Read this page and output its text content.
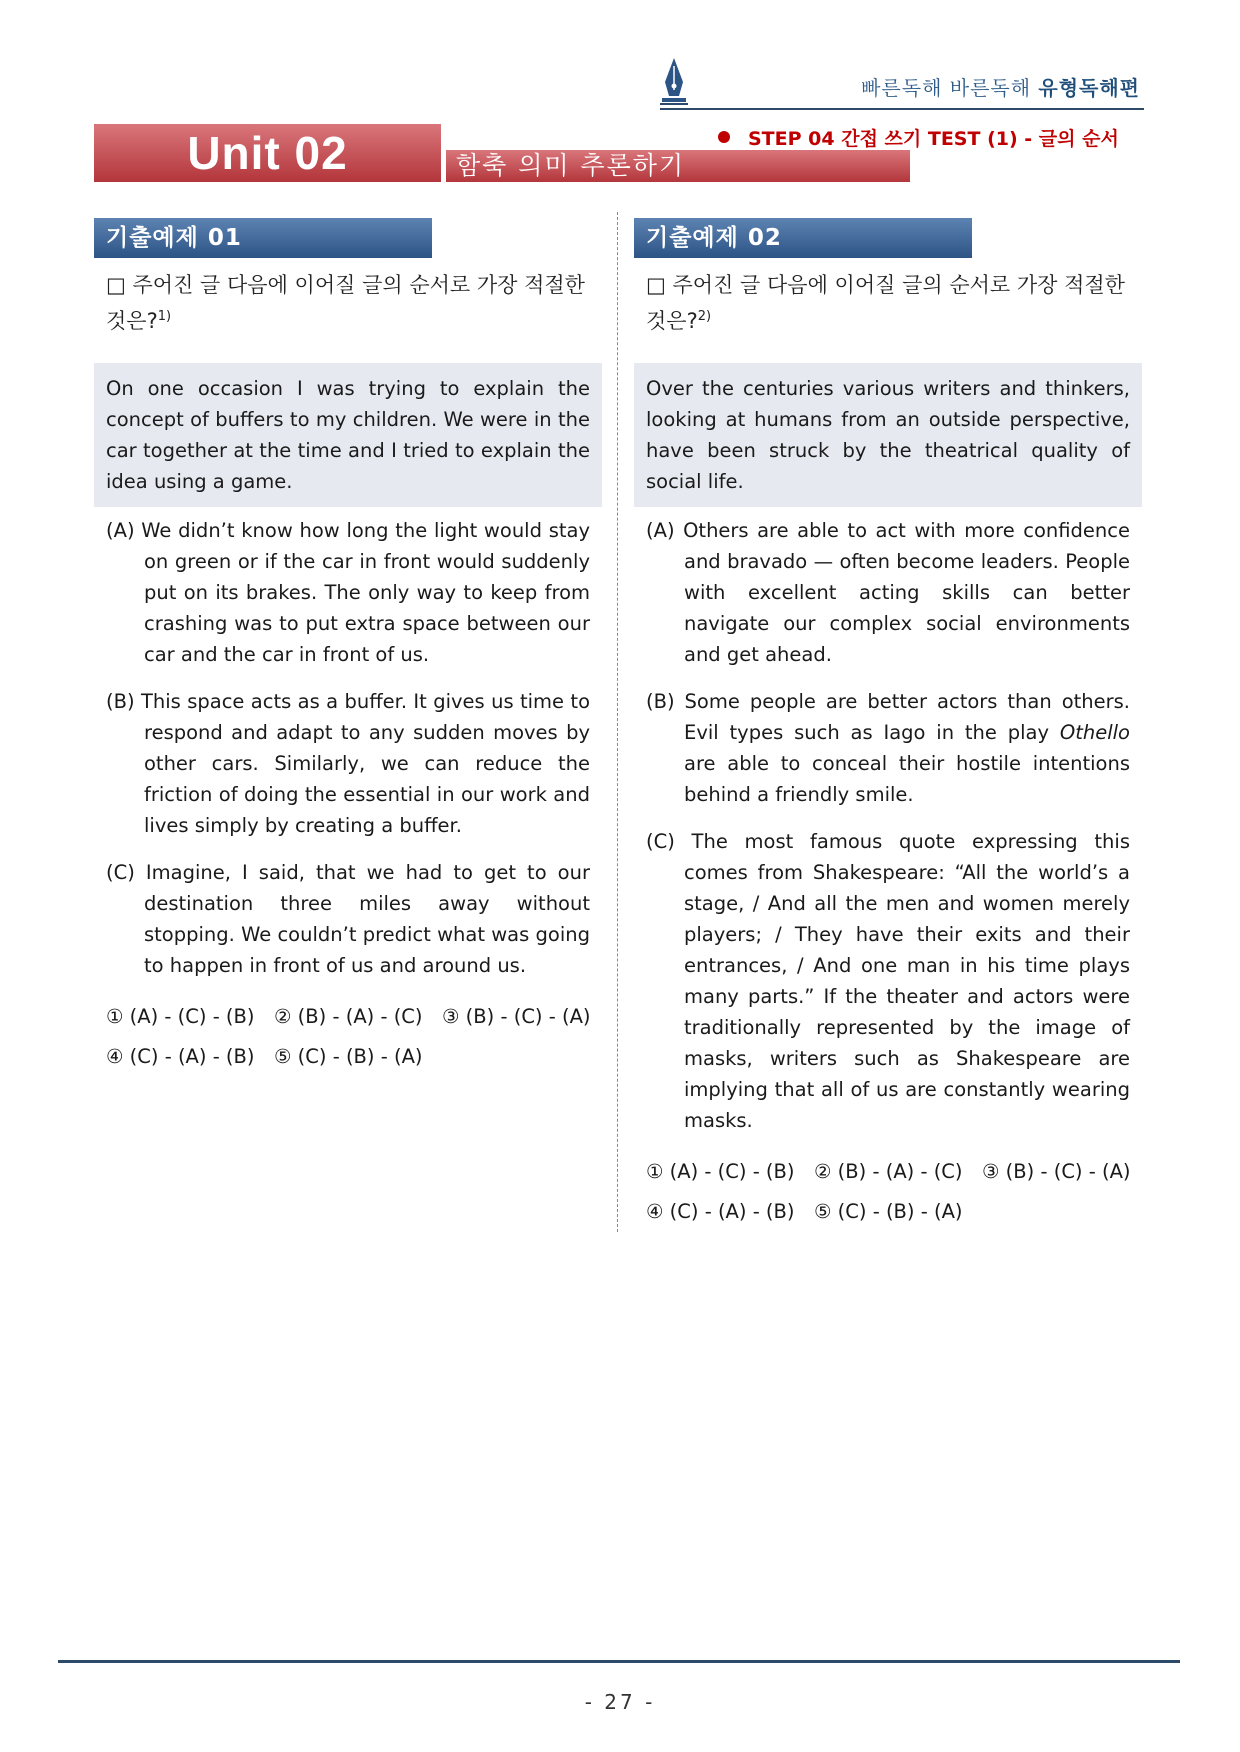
빠른독해 바른독해 유형독해편
Unit 02	함축 의미 추론하기
STEP 04 간접 쓰기 TEST (1) - 글의 순서
기출예제 01
□ 주어진 글 다음에 이어질 글의 순서로 가장 적절한 것은?$^{1)}$
On one occasion I was trying to explain the concept of buffers to my children. We were in the car together at the time and I tried to explain the idea using a game.
(A) We didn’t know how long the light would stay on green or if the car in front would suddenly put on its brakes. The only way to keep from crashing was to put extra space between our car and the car in front of us.
(B) This space acts as a buffer. It gives us time to respond and adapt to any sudden moves by other cars. Similarly, we can reduce the friction of doing the essential in our work and lives simply by creating a buffer.
(C) Imagine, I said, that we had to get to our destination three miles away without stopping. We couldn’t predict what was going to happen in front of us and around us.
① (A) - (C) - (B) ② (B) - (A) - (C) ③ (B) - (C) - (A)
④ (C) - (A) - (B) ⑤ (C) - (B) - (A)
기출예제 02
□ 주어진 글 다음에 이어질 글의 순서로 가장 적절한 것은?$^{2)}$
Over the centuries various writers and thinkers, looking at humans from an outside perspective, have been struck by the theatrical quality of social life.
(A) Others are able to act with more confidence and bravado — often become leaders. People with excellent acting skills can better navigate our complex social environments and get ahead.
(B) Some people are better actors than others. Evil types such as Iago in the play Othello are able to conceal their hostile intentions behind a friendly smile.
(C) The most famous quote expressing this comes from Shakespeare: “All the world’s a stage, / And all the men and women merely players; / They have their exits and their entrances, / And one man in his time plays many parts.” If the theater and actors were traditionally represented by the image of masks, writers such as Shakespeare are implying that all of us are constantly wearing masks.
① (A) - (C) - (B) ② (B) - (A) - (C) ③ (B) - (C) - (A)
④ (C) - (A) - (B) ⑤ (C) - (B) - (A)
- 27 -
